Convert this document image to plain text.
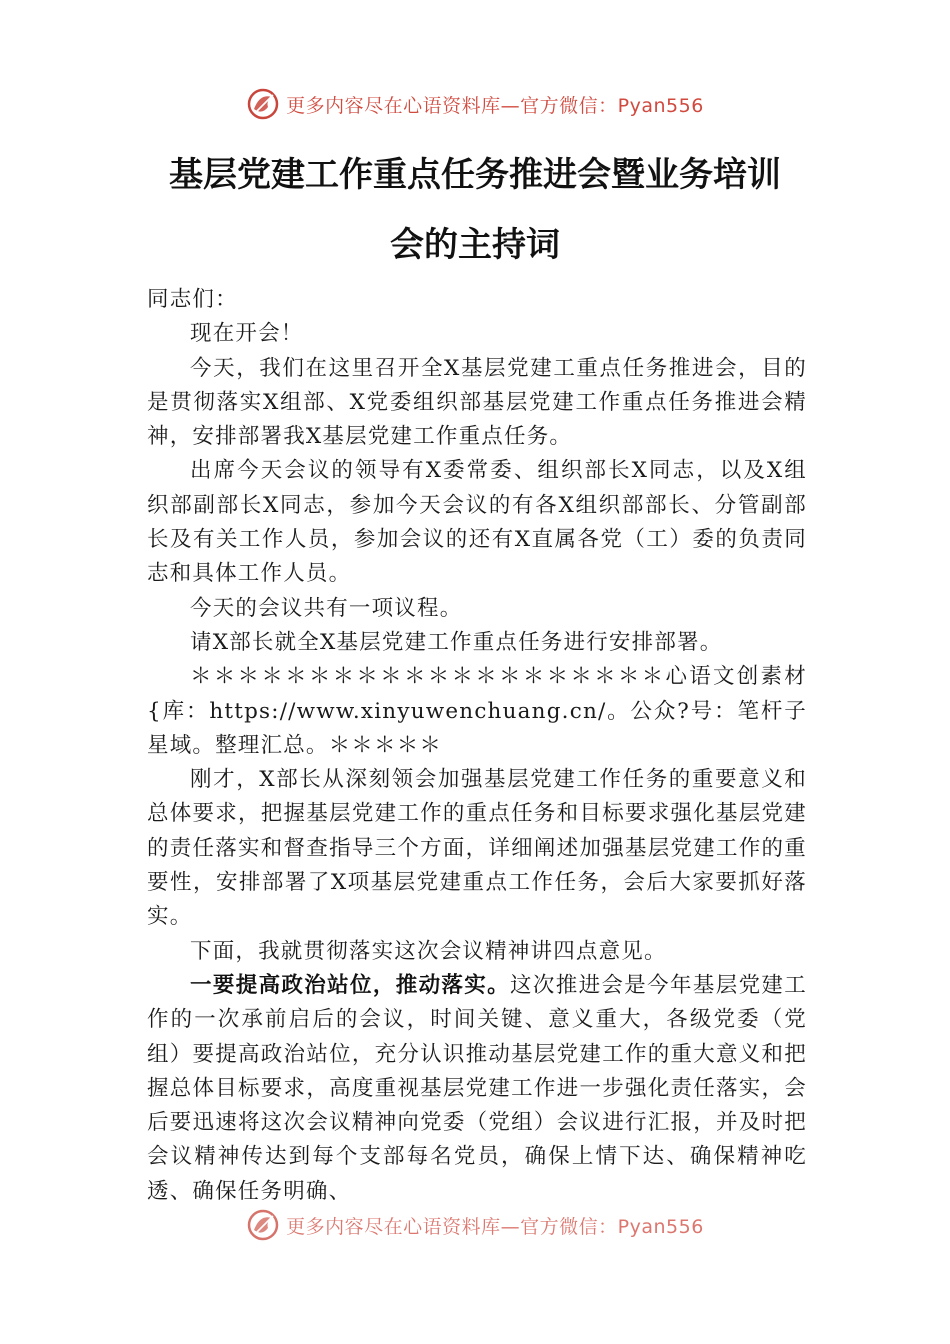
更多内容尽在心语资料库—官方微信：Pyan556
基层党建工作重点任务推进会暨业务培训
会的主持词

同志们：

现在开会！

今天，我们在这里召开全X基层党建工重点任务推进会，目的是贯彻落实X组部、X党委组织部基层党建工作重点任务推进会精神，安排部署我X基层党建工作重点任务。

出席今天会议的领导有X委常委、组织部长X同志，以及X组织部副部长X同志，参加今天会议的有各X组织部部长、分管副部长及有关工作人员，参加会议的还有X直属各党（工）委的负责同志和具体工作人员。

今天的会议共有一项议程。

请X部长就全X基层党建工作重点任务进行安排部署。

＊＊＊＊＊＊＊＊＊＊＊＊＊＊＊＊＊＊＊＊心语文创素材{库：https://www.xinyuwenchuang.cn/。公众?号：笔杆子星域。整理汇总。＊＊＊＊＊

刚才，X部长从深刻领会加强基层党建工作任务的重要意义和总体要求，把握基层党建工作的重点任务和目标要求强化基层党建的责任落实和督查指导三个方面，详细阐述加强基层党建工作的重要性，安排部署了X项基层党建重点工作任务，会后大家要抓好落实。

下面，我就贯彻落实这次会议精神讲四点意见。

一要提高政治站位，推动落实。这次推进会是今年基层党建工作的一次承前启后的会议，时间关键、意义重大，各级党委（党组）要提高政治站位，充分认识推动基层党建工作的重大意义和把握总体目标要求，高度重视基层党建工作进一步强化责任落实，会后要迅速将这次会议精神向党委（党组）会议进行汇报，并及时把会议精神传达到每个支部每名党员，确保上情下达、确保精神吃透、确保任务明确、

更多内容尽在心语资料库—官方微信：Pyan556
